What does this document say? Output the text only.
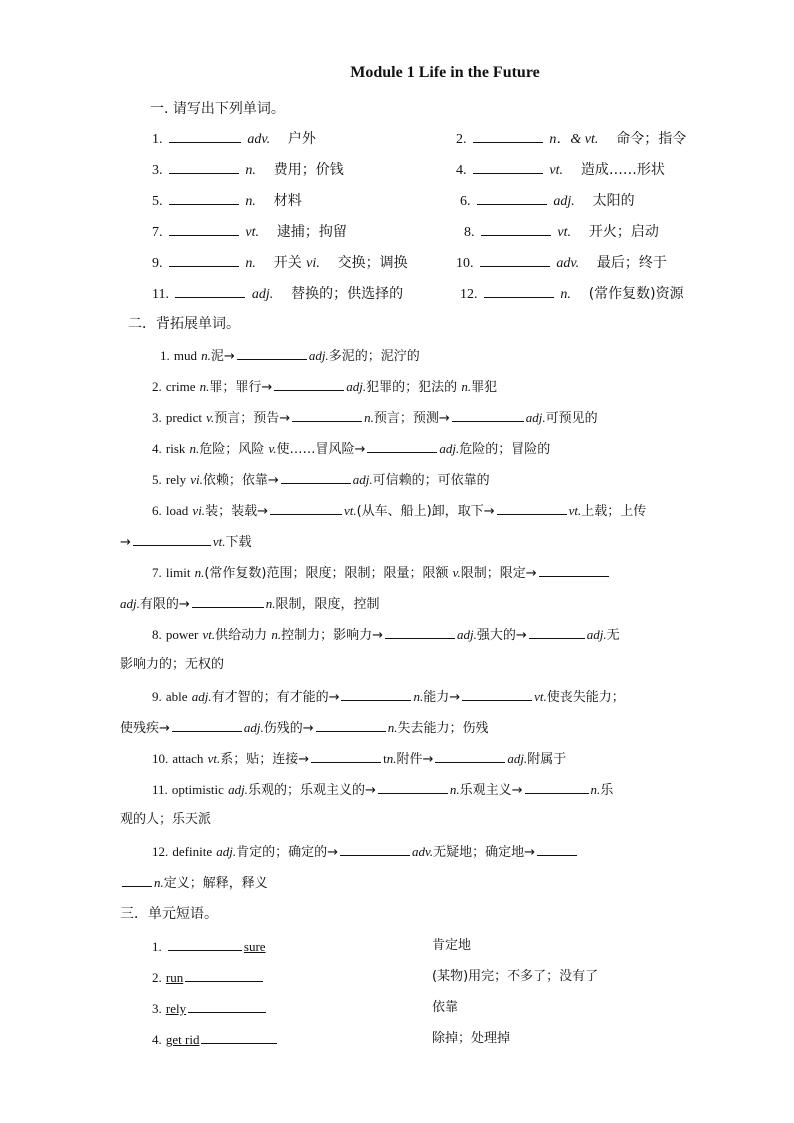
Module 1 Life in the Future
一. 请写出下列单词。
1.	adv. 户外	2.	n．& vt. 命令；指令
3.	n. 费用；价钱	4.	vt. 造成……形状
5.	n. 材料	6.	adj. 太阳的
7.	vt. 逮捕；拘留	8.	vt. 开火；启动
9.	n. 开关 vi. 交换；调换	10.	adv. 最后；终于
11.	adj. 替换的；供选择的	12.	n. (常作复数)资源
二．背拓展单词。
1. mud n.泥→	adj.多泥的；泥泞的
2. crime n.罪；罪行→	adj.犯罪的；犯法的 n.罪犯
3. predict v.预言；预告→	n.预言；预测→	adj.可预见的
4. risk n.危险；风险 v.使……冒风险→	adj.危险的；冒险的
5. rely vi.依赖；依靠→	adj.可信赖的；可依靠的
6. load vi.装；装载→	vt.(从车、船上)卸，取下→	vt.上载；上传
→	vt.下载
7. limit n.(常作复数)范围；限度；限制；限量；限额 v.限制；限定→
adj.有限的→	n.限制，限度，控制
8. power vt.供给动力 n.控制力；影响力→	adj.强大的→	adj.无
影响力的；无权的
9. able adj.有才智的；有才能的→	n.能力→	vt.使丧失能力；
使残疾→	adj.伤残的→	n.失去能力；伤残
10. attach vt.系；贴；连接→	tn.附件→	adj.附属于
11. optimistic adj.乐观的；乐观主义的→	n.乐观主义→	n.乐
观的人；乐天派
12. definite adj.肯定的；确定的→	adv.无疑地；确定地→
n.定义；解释，释义
三．单元短语。
1.	sure	肯定地
2. run	(某物)用完；不多了；没有了
3. rely	依靠
4. get rid	除掉；处理掉
